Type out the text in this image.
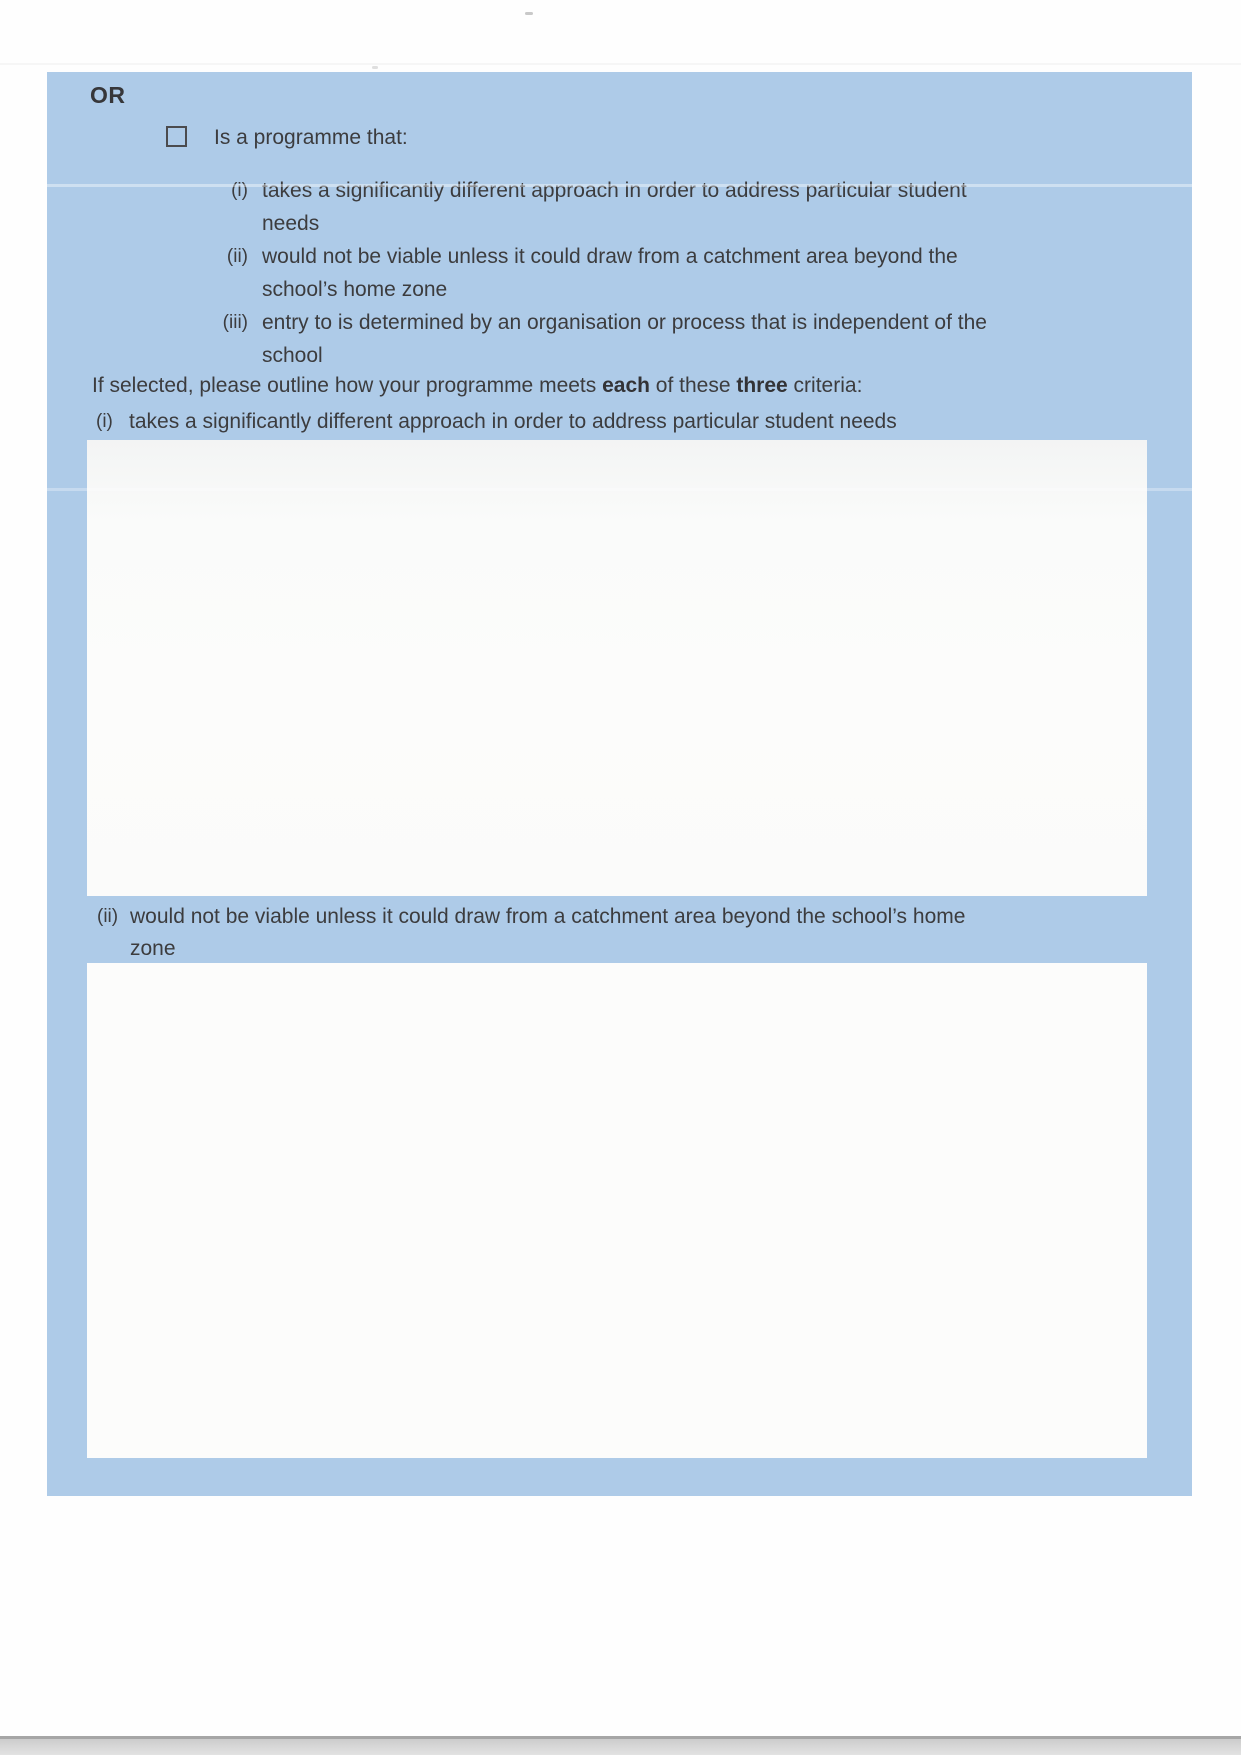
OR
Is a programme that:
(i) takes a significantly different approach in order to address particular student
needs
(ii) would not be viable unless it could draw from a catchment area beyond the
school’s home zone
(iii) entry to is determined by an organisation or process that is independent of the
school
If selected, please outline how your programme meets each of these three criteria:
(i) takes a significantly different approach in order to address particular student needs
(ii) would not be viable unless it could draw from a catchment area beyond the school’s home
zone
